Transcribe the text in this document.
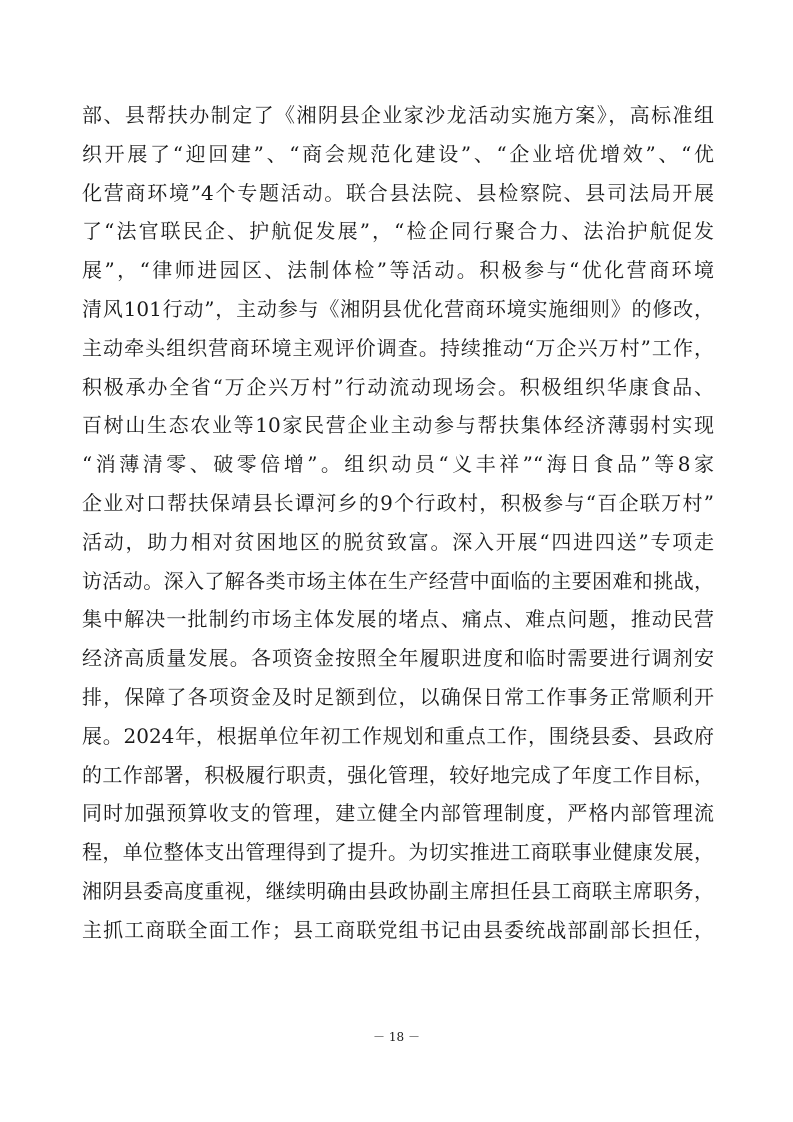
部、县帮扶办制定了《湘阴县企业家沙龙活动实施方案》，高标准组
织开展了“迎回建”、“商会规范化建设”、“企业培优增效”、“优
化营商环境”4个专题活动。联合县法院、县检察院、县司法局开展
了“法官联民企、护航促发展”，“检企同行聚合力、法治护航促发
展”，“律师进园区、法制体检”等活动。积极参与“优化营商环境
清风101行动”，主动参与《湘阴县优化营商环境实施细则》的修改，
主动牵头组织营商环境主观评价调查。持续推动“万企兴万村”工作，
积极承办全省“万企兴万村”行动流动现场会。积极组织华康食品、
百树山生态农业等10家民营企业主动参与帮扶集体经济薄弱村实现
“消薄清零、破零倍增”。组织动员“义丰祥”“海日食品”等8家
企业对口帮扶保靖县长谭河乡的9个行政村，积极参与“百企联万村”
活动，助力相对贫困地区的脱贫致富。深入开展“四进四送”专项走
访活动。深入了解各类市场主体在生产经营中面临的主要困难和挑战，
集中解决一批制约市场主体发展的堵点、痛点、难点问题，推动民营
经济高质量发展。各项资金按照全年履职进度和临时需要进行调剂安
排，保障了各项资金及时足额到位，以确保日常工作事务正常顺利开
展。2024年，根据单位年初工作规划和重点工作，围绕县委、县政府
的工作部署，积极履行职责，强化管理，较好地完成了年度工作目标，
同时加强预算收支的管理，建立健全内部管理制度，严格内部管理流
程，单位整体支出管理得到了提升。为切实推进工商联事业健康发展，
湘阴县委高度重视，继续明确由县政协副主席担任县工商联主席职务，
主抓工商联全面工作；县工商联党组书记由县委统战部副部长担任，
－ 18 －
